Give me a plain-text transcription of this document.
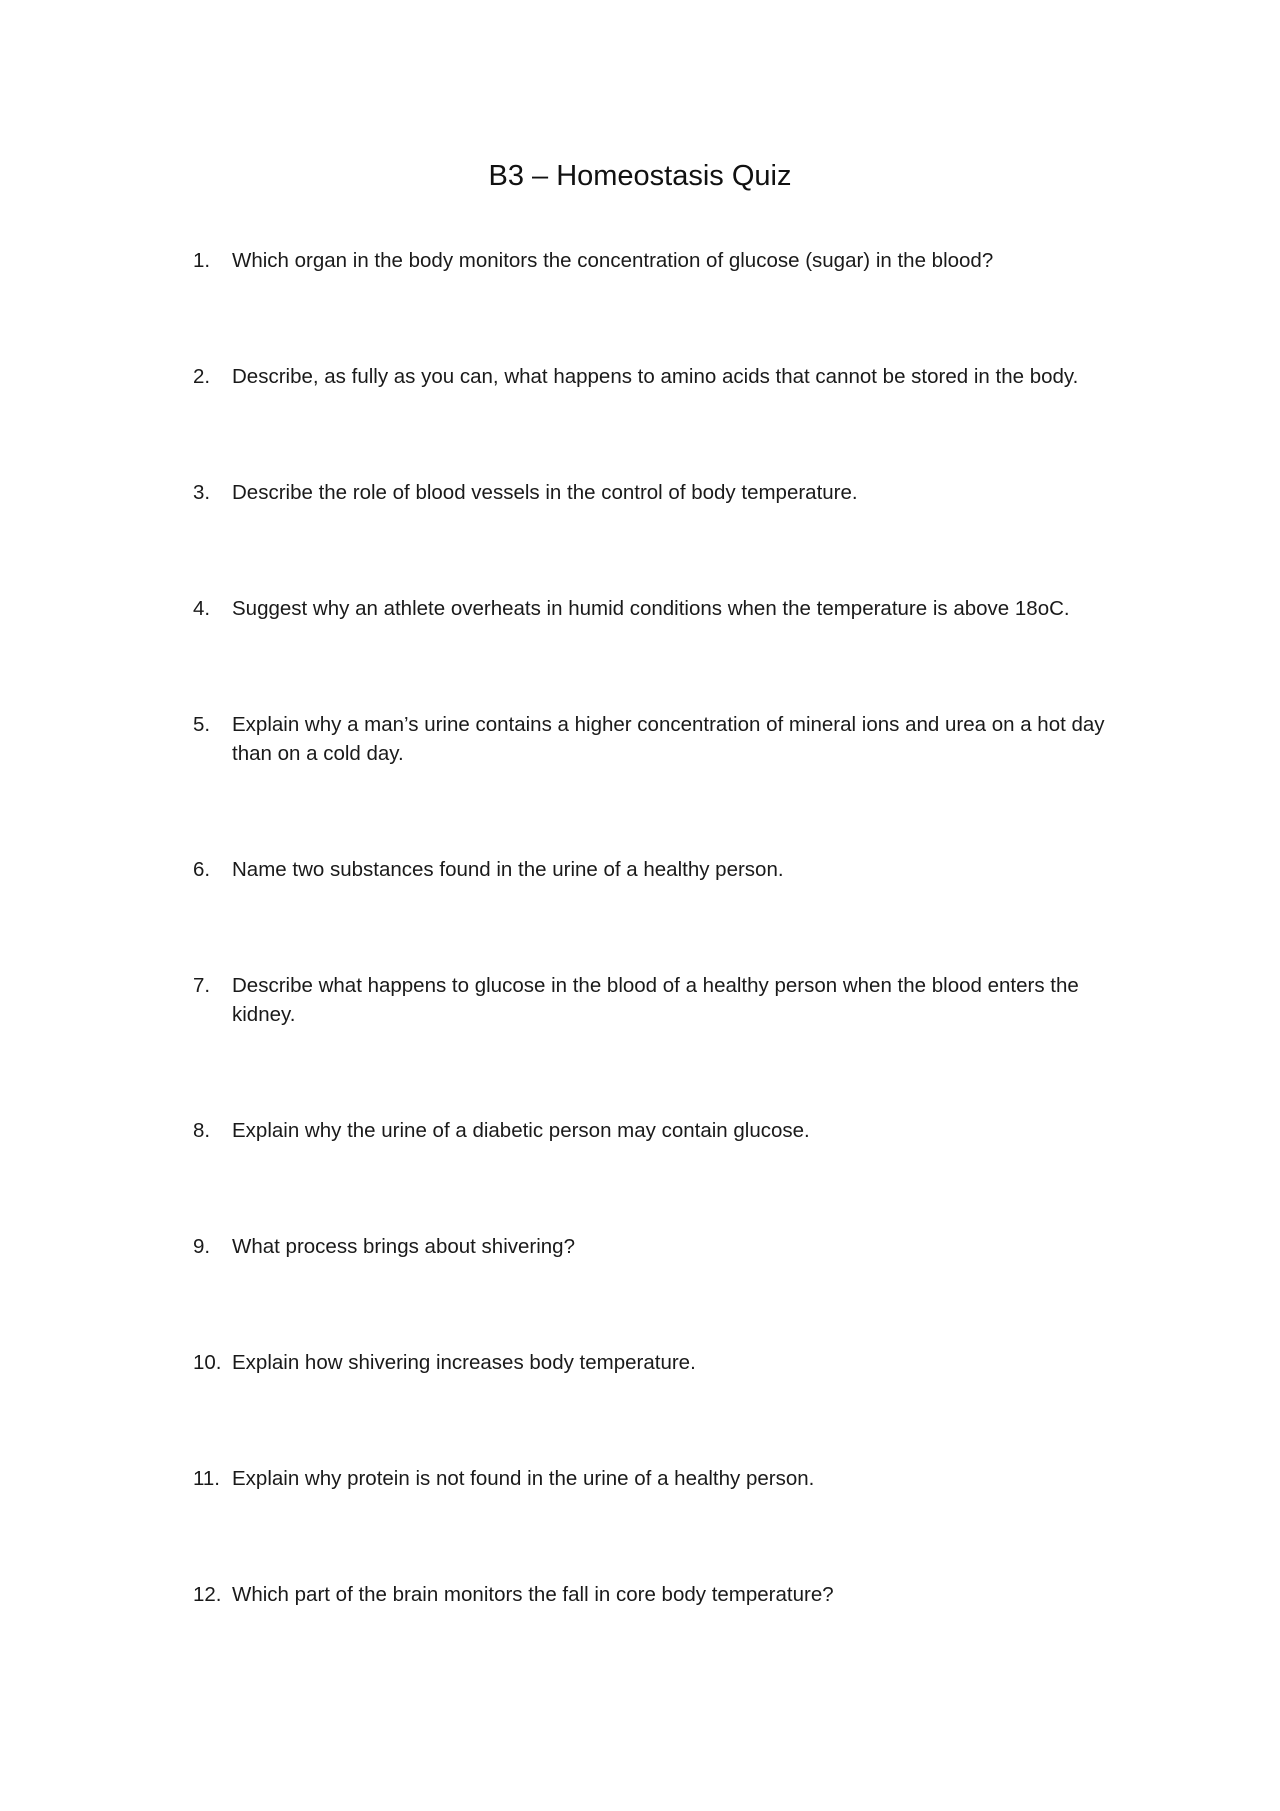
B3 – Homeostasis Quiz
1.	Which organ in the body monitors the concentration of glucose (sugar) in the blood?
2.	Describe, as fully as you can, what happens to amino acids that cannot be stored in the body.
3.	Describe the role of blood vessels in the control of body temperature.
4.	Suggest why an athlete overheats in humid conditions when the temperature is above 18oC.
5.	Explain why a man’s urine contains a higher concentration of mineral ions and urea on a hot day than on a cold day.
6.	Name two substances found in the urine of a healthy person.
7.	Describe what happens to glucose in the blood of a healthy person when the blood enters the kidney.
8.	Explain why the urine of a diabetic person may contain glucose.
9.	What process brings about shivering?
10. Explain how shivering increases body temperature.
11. Explain why protein is not found in the urine of a healthy person.
12. Which part of the brain monitors the fall in core body temperature?
